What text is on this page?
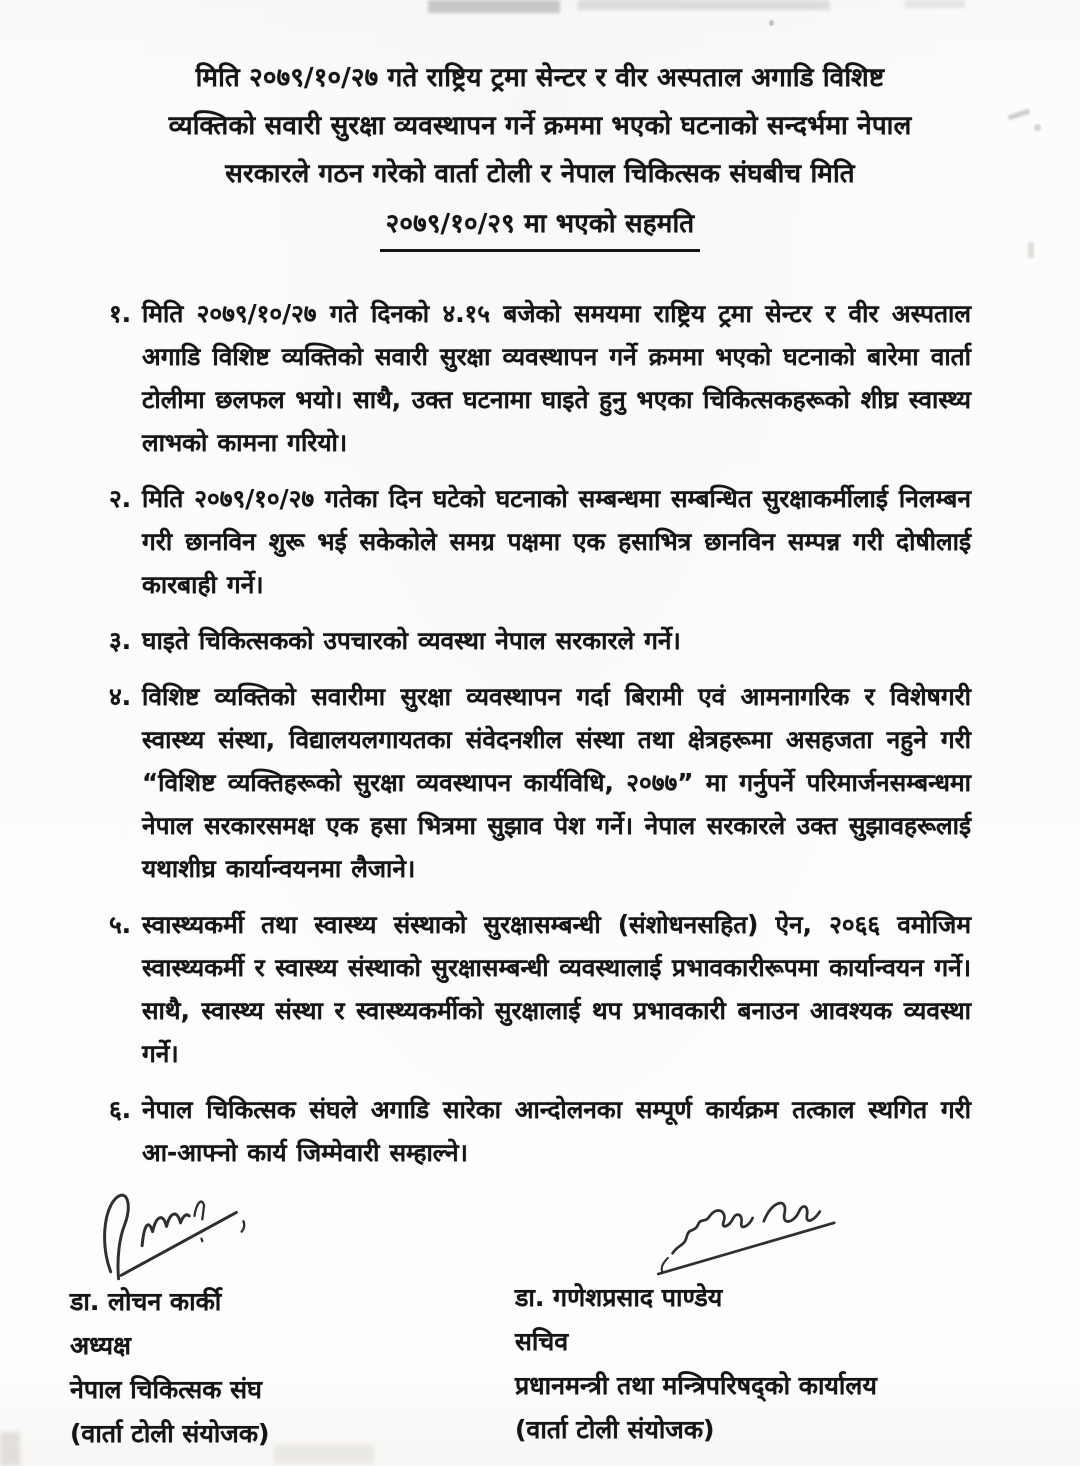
मिति २०७९/१०/२७ गते राष्ट्रिय ट्रमा सेन्टर र वीर अस्पताल अगाडि विशिष्ट
व्यक्तिको सवारी सुरक्षा व्यवस्थापन गर्ने क्रममा भएको घटनाको सन्दर्भमा नेपाल
सरकारले गठन गरेको वार्ता टोली र नेपाल चिकित्सक संघबीच मिति
२०७९/१०/२९ मा भएको सहमति
१. मिति २०७९/१०/२७ गते दिनको ४.१५ बजेको समयमा राष्ट्रिय ट्रमा सेन्टर र वीर अस्पताल अगाडि विशिष्ट व्यक्तिको सवारी सुरक्षा व्यवस्थापन गर्ने क्रममा भएको घटनाको बारेमा वार्ता टोलीमा छलफल भयो। साथै, उक्त घटनामा घाइते हुनु भएका चिकित्सकहरूको शीघ्र स्वास्थ्य लाभको कामना गरियो।
२. मिति २०७९/१०/२७ गतेका दिन घटेको घटनाको सम्बन्धमा सम्बन्धित सुरक्षाकर्मीलाई निलम्बन गरी छानविन शुरू भई सकेकोले समग्र पक्षमा एक हसाभित्र छानविन सम्पन्न गरी दोषीलाई कारबाही गर्ने।
३. घाइते चिकित्सकको उपचारको व्यवस्था नेपाल सरकारले गर्ने।
४. विशिष्ट व्यक्तिको सवारीमा सुरक्षा व्यवस्थापन गर्दा बिरामी एवं आमनागरिक र विशेषगरी स्वास्थ्य संस्था, विद्यालयलगायतका संवेदनशील संस्था तथा क्षेत्रहरूमा असहजता नहुने गरी “विशिष्ट व्यक्तिहरूको सुरक्षा व्यवस्थापन कार्यविधि, २०७७” मा गर्नुपर्ने परिमार्जनसम्बन्धमा नेपाल सरकारसमक्ष एक हसा भित्रमा सुझाव पेश गर्ने। नेपाल सरकारले उक्त सुझावहरूलाई यथाशीघ्र कार्यान्वयनमा लैजाने।
५. स्वास्थ्यकर्मी तथा स्वास्थ्य संस्थाको सुरक्षासम्बन्धी (संशोधनसहित) ऐन, २०६६ वमोजिम स्वास्थ्यकर्मी र स्वास्थ्य संस्थाको सुरक्षासम्बन्धी व्यवस्थालाई प्रभावकारीरूपमा कार्यान्वयन गर्ने। साथै, स्वास्थ्य संस्था र स्वास्थ्यकर्मीको सुरक्षालाई थप प्रभावकारी बनाउन आवश्यक व्यवस्था गर्ने।
६. नेपाल चिकित्सक संघले अगाडि सारेका आन्दोलनका सम्पूर्ण कार्यक्रम तत्काल स्थगित गरी आ-आफ्नो कार्य जिम्मेवारी सम्हाल्ने।
डा. लोचन कार्की
अध्यक्ष
नेपाल चिकित्सक संघ
(वार्ता टोली संयोजक)
डा. गणेशप्रसाद पाण्डेय
सचिव
प्रधानमन्त्री तथा मन्त्रिपरिषद्को कार्यालय
(वार्ता टोली संयोजक)
